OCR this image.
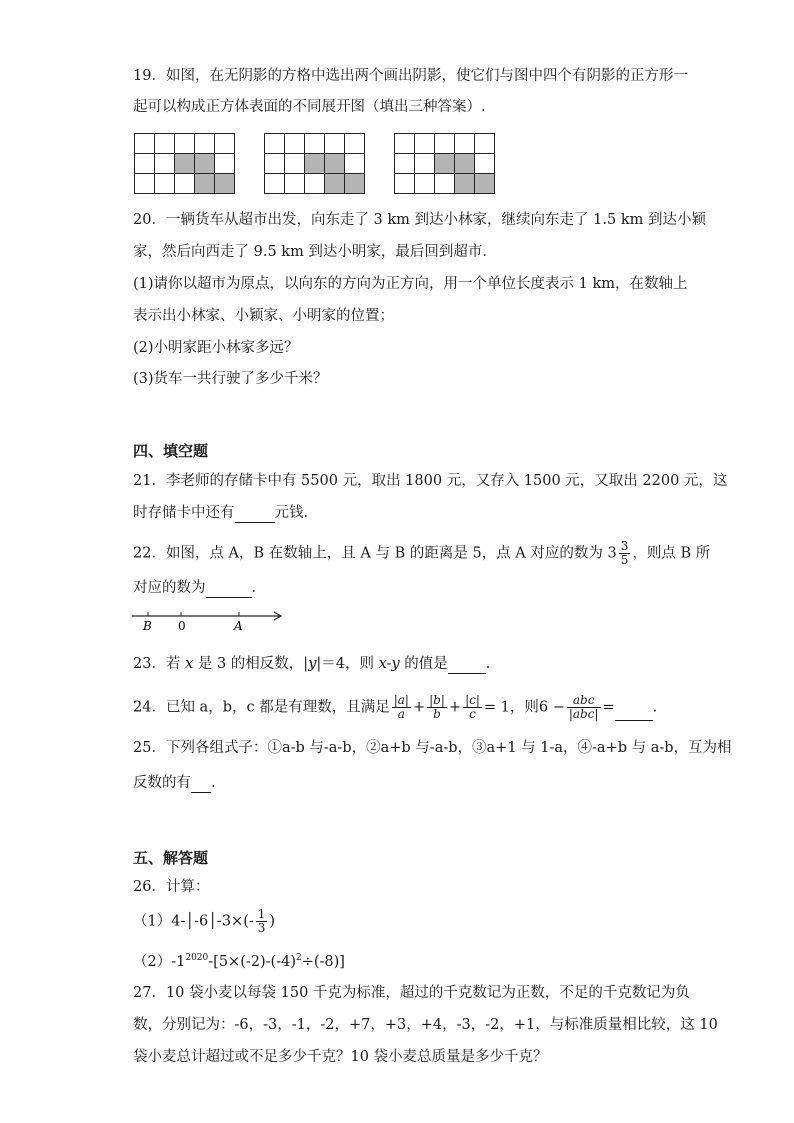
19．如图，在无阴影的方格中选出两个画出阴影，使它们与图中四个有阴影的正方形一
起可以构成正方体表面的不同展开图（填出三种答案）.

20．一辆货车从超市出发，向东走了 3 km 到达小林家，继续向东走了 1.5 km 到达小颖
家，然后向西走了 9.5 km 到达小明家，最后回到超市．
(1)请你以超市为原点，以向东的方向为正方向，用一个单位长度表示 1 km，在数轴上
表示出小林家、小颖家、小明家的位置；
(2)小明家距小林家多远？
(3)货车一共行驶了多少千米？
四、填空题
21．李老师的存储卡中有 5500 元，取出 1800 元，又存入 1500 元，又取出 2200 元，这
时存储卡中还有	元钱．
22．如图，点 A，B 在数轴上，且 A 与 B 的距离是 5，点 A 对应的数为 $3 \frac{3}{5}$ ，则点 B 所
对应的数为	．
B 0	A
23．若 x 是 3 的相反数，|y|＝4，则 x-y 的值是	．
24．已知 a，b，c 都是有理数，且满足 $\frac{|a|}{a} + \frac{|b|}{b} + \frac{|c|}{c} = 1$，则$6 - \frac{\text{abc}}{\text{|abc|}}$ =	.
25．下列各组式子：①a-b 与-a-b，②a+b 与-a-b，③a+1 与 1-a，④-a+b 与 a-b，互为相
反数的有 .
五、解答题
26．计算：
（1）4-│-6│-3×(- $\frac{1}{3}$ )
$(2)-1^{2020}-[5\times(-2)-(-4)^2\div(-8)]$
27．10 袋小麦以每袋 150 千克为标准，超过的千克数记为正数，不足的千克数记为负
数，分别记为：-6，-3，-1，-2，+7，+3，+4，-3，-2，+1，与标准质量相比较，这 10
袋小麦总计超过或不足多少千克？10 袋小麦总质量是多少千克？
